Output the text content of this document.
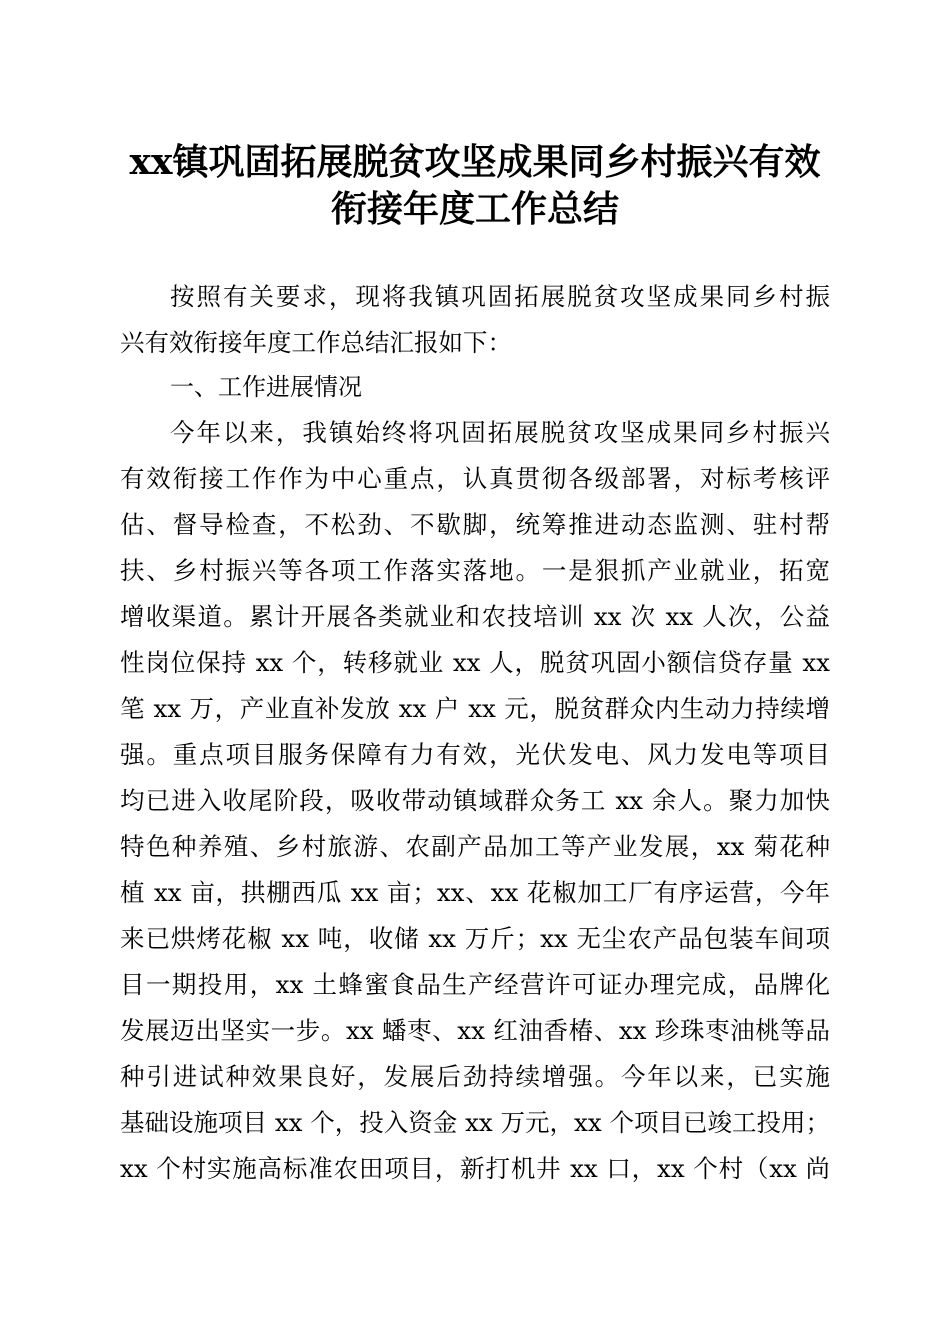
xx镇巩固拓展脱贫攻坚成果同乡村振兴有效
衔接年度工作总结
按照有关要求，现将我镇巩固拓展脱贫攻坚成果同乡村振
兴有效衔接年度工作总结汇报如下：
一、工作进展情况
今年以来，我镇始终将巩固拓展脱贫攻坚成果同乡村振兴
有效衔接工作作为中心重点，认真贯彻各级部署，对标考核评
估、督导检查，不松劲、不歇脚，统筹推进动态监测、驻村帮
扶、乡村振兴等各项工作落实落地。一是狠抓产业就业，拓宽
增收渠道。累计开展各类就业和农技培训 xx 次 xx 人次，公益
性岗位保持 xx 个，转移就业 xx 人，脱贫巩固小额信贷存量 xx
笔 xx 万，产业直补发放 xx 户 xx 元，脱贫群众内生动力持续增
强。重点项目服务保障有力有效，光伏发电、风力发电等项目
均已进入收尾阶段，吸收带动镇域群众务工 xx 余人。聚力加快
特色种养殖、乡村旅游、农副产品加工等产业发展，xx 菊花种
植 xx 亩，拱棚西瓜 xx 亩；xx、xx 花椒加工厂有序运营，今年
来已烘烤花椒 xx 吨，收储 xx 万斤；xx 无尘农产品包装车间项
目一期投用，xx 土蜂蜜食品生产经营许可证办理完成，品牌化
发展迈出坚实一步。xx 蟠枣、xx 红油香椿、xx 珍珠枣油桃等品
种引进试种效果良好，发展后劲持续增强。今年以来，已实施
基础设施项目 xx 个，投入资金 xx 万元，xx 个项目已竣工投用；
xx 个村实施高标准农田项目，新打机井 xx 口，xx 个村（xx 尚
